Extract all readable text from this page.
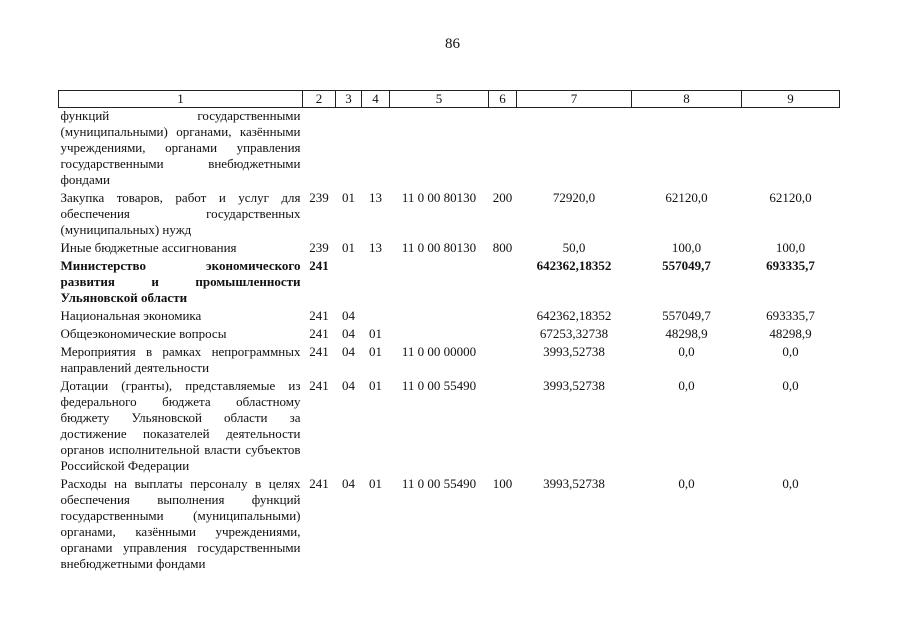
86
1	2	3	4	5	6	7	8	9
функций государственными (муниципальными) органами, казёнными учреждениями, органами управления государственными внебюджетными фондами								
Закупка товаров, работ и услуг для обеспечения государственных (муниципальных) нужд	239	01	13	11 0 00 80130	200	72920,0	62120,0	62120,0
Иные бюджетные ассигнования	239	01	13	11 0 00 80130	800	50,0	100,0	100,0
Министерство экономического развития и промышленности Ульяновской области	241					642362,18352	557049,7	693335,7
Национальная экономика	241	04				642362,18352	557049,7	693335,7
Общеэкономические вопросы	241	04	01			67253,32738	48298,9	48298,9
Мероприятия в рамках непрограммных направлений деятельности	241	04	01	11 0 00 00000		3993,52738	0,0	0,0
Дотации (гранты), представляемые из федерального бюджета областному бюджету Ульяновской области за достижение показателей деятельности органов исполнительной власти субъектов Российской Федерации	241	04	01	11 0 00 55490		3993,52738	0,0	0,0
Расходы на выплаты персоналу в целях обеспечения выполнения функций государственными (муниципальными) органами, казёнными учреждениями, органами управления государственными внебюджетными фондами	241	04	01	11 0 00 55490	100	3993,52738	0,0	0,0
